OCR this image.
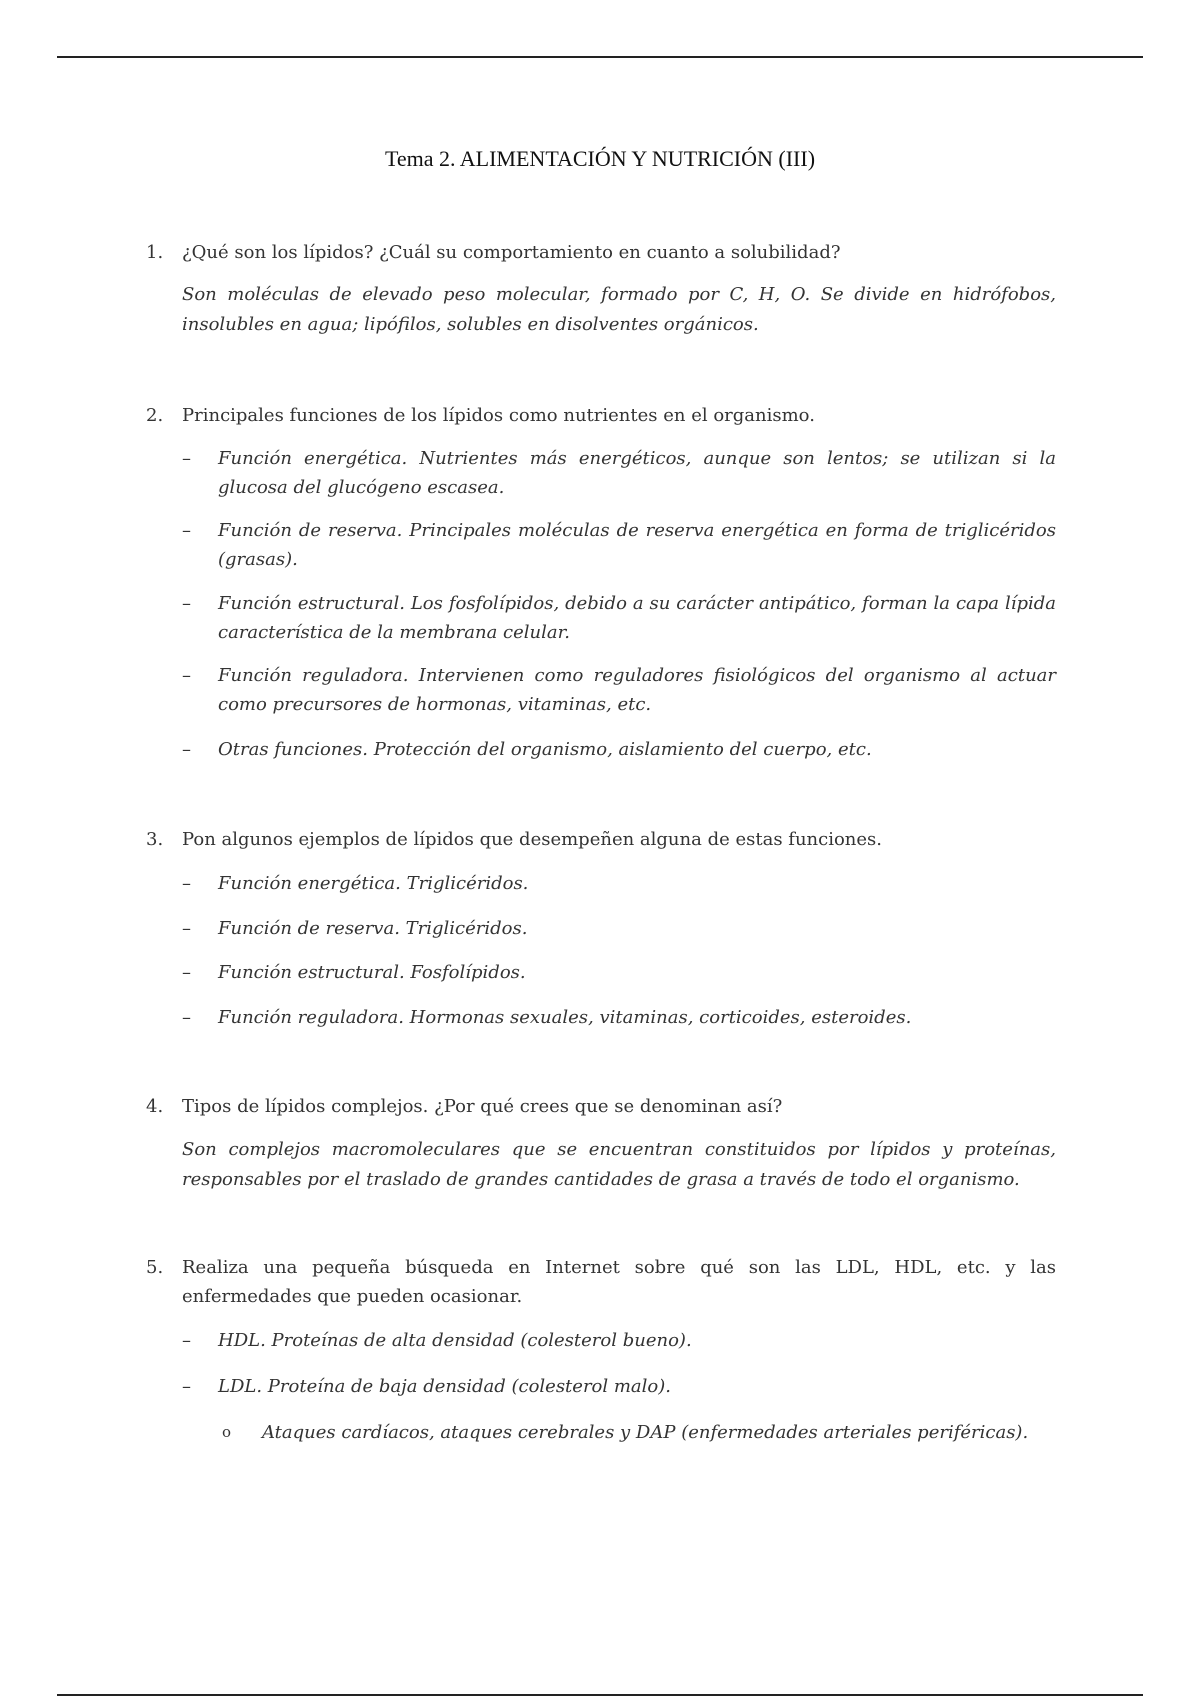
Tema 2. ALIMENTACIÓN Y NUTRICIÓN (III)
1.	¿Qué son los lípidos? ¿Cuál su comportamiento en cuanto a solubilidad?
Son moléculas de elevado peso molecular, formado por C, H, O. Se divide en hidrófobos, insolubles en agua; lipófilos, solubles en disolventes orgánicos.
2.	Principales funciones de los lípidos como nutrientes en el organismo.
– Función energética. Nutrientes más energéticos, aunque son lentos; se utilizan si la glucosa del glucógeno escasea.
– Función de reserva. Principales moléculas de reserva energética en forma de triglicéridos (grasas).
– Función estructural. Los fosfolípidos, debido a su carácter antipático, forman la capa lípida característica de la membrana celular.
– Función reguladora. Intervienen como reguladores fisiológicos del organismo al actuar como precursores de hormonas, vitaminas, etc.
– Otras funciones. Protección del organismo, aislamiento del cuerpo, etc.
3.	Pon algunos ejemplos de lípidos que desempeñen alguna de estas funciones.
– Función energética. Triglicéridos.
– Función de reserva. Triglicéridos.
– Función estructural. Fosfolípidos.
– Función reguladora. Hormonas sexuales, vitaminas, corticoides, esteroides.
4.	Tipos de lípidos complejos. ¿Por qué crees que se denominan así?
Son complejos macromoleculares que se encuentran constituidos por lípidos y proteínas, responsables por el traslado de grandes cantidades de grasa a través de todo el organismo.
5.	Realiza una pequeña búsqueda en Internet sobre qué son las LDL, HDL, etc. y las enfermedades que pueden ocasionar.
– HDL. Proteínas de alta densidad (colesterol bueno).
– LDL. Proteína de baja densidad (colesterol malo).
o Ataques cardíacos, ataques cerebrales y DAP (enfermedades arteriales periféricas).
